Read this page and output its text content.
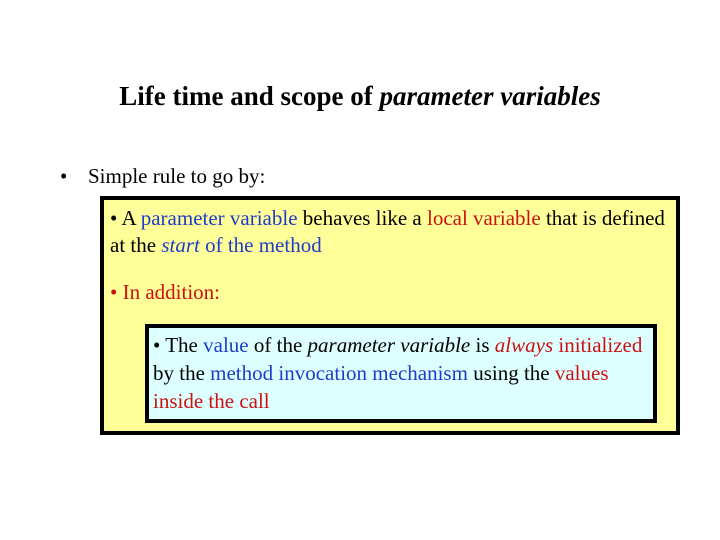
Life time and scope of parameter variables
• Simple rule to go by:
• A parameter variable behaves like a local variable that is defined at the start of the method
• In addition:
• The value of the parameter variable is always initialized by the method invocation mechanism using the values inside the call
